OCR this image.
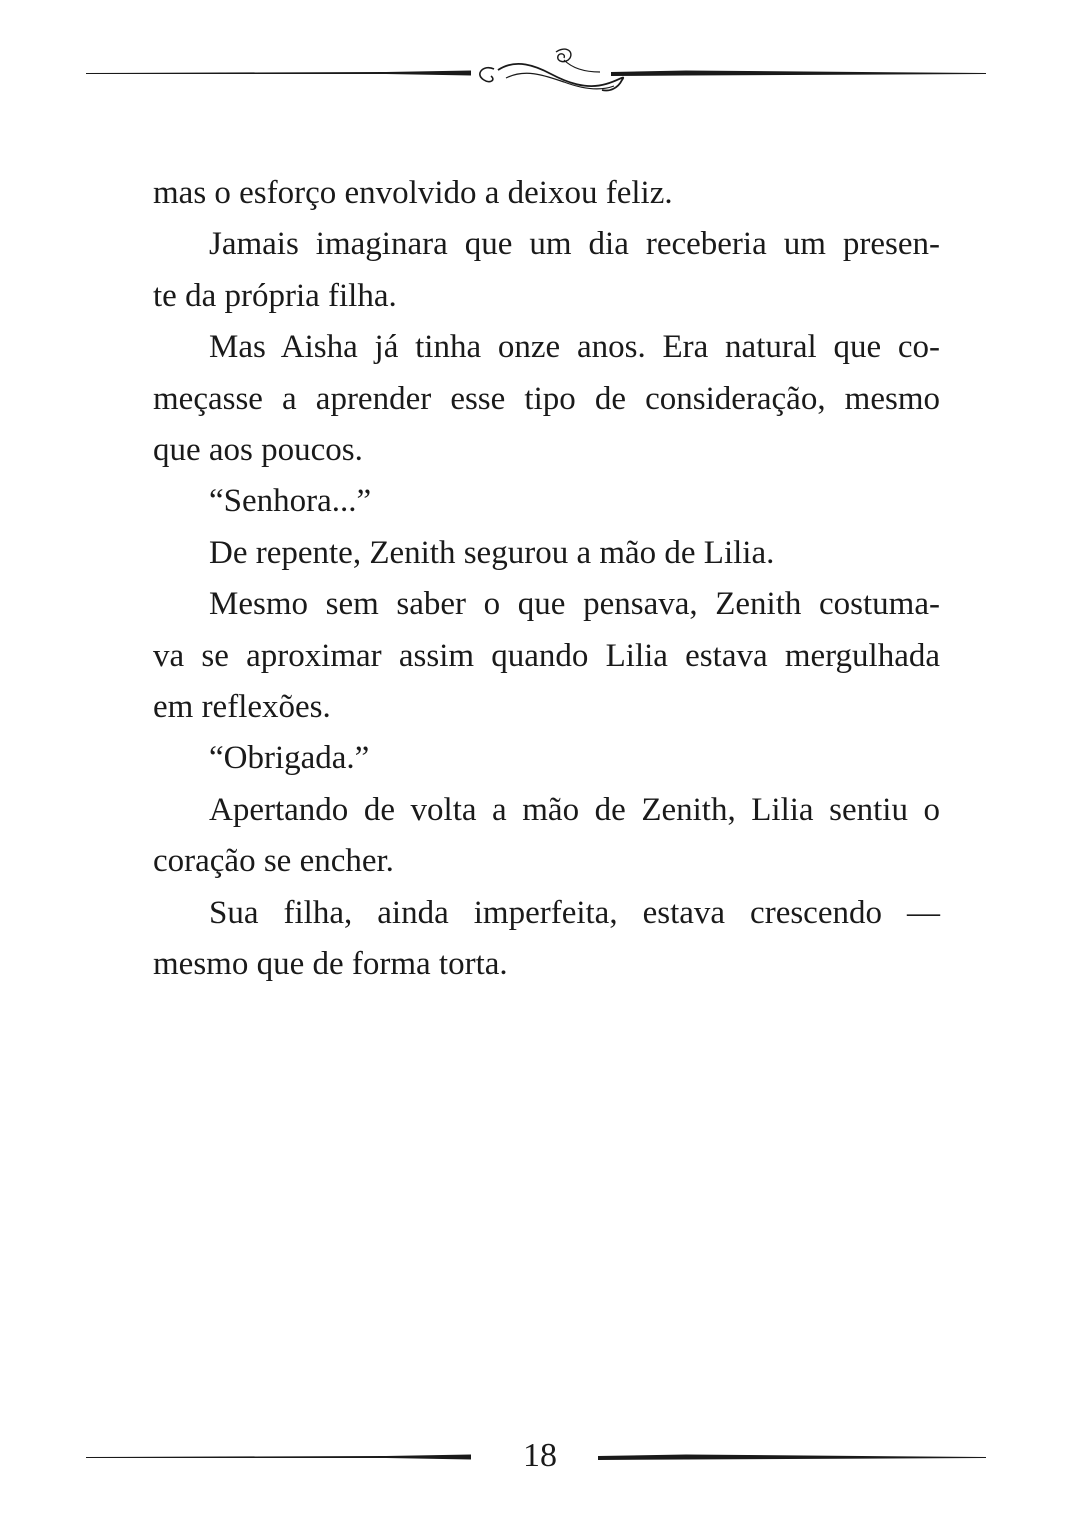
mas o esforço envolvido a deixou feliz.

Jamais imaginara que um dia receberia um presen-
te da própria filha.

Mas Aisha já tinha onze anos. Era natural que co-
meçasse a aprender esse tipo de consideração, mesmo
que aos poucos.

“Senhora...”

De repente, Zenith segurou a mão de Lilia.

Mesmo sem saber o que pensava, Zenith costuma-
va se aproximar assim quando Lilia estava mergulhada
em reflexões.

“Obrigada.”

Apertando de volta a mão de Zenith, Lilia sentiu o
coração se encher.

Sua filha, ainda imperfeita, estava crescendo —
mesmo que de forma torta.

18
